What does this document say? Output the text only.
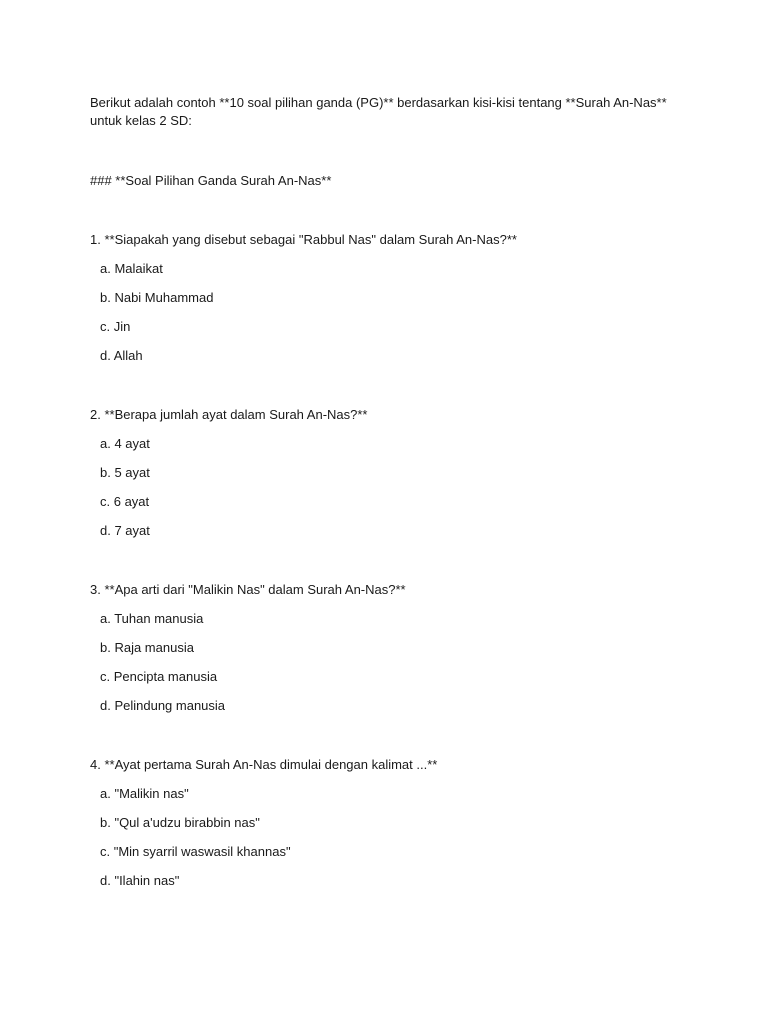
Berikut adalah contoh **10 soal pilihan ganda (PG)** berdasarkan kisi-kisi tentang **Surah An-Nas** untuk kelas 2 SD:

### **Soal Pilihan Ganda Surah An-Nas**

1. **Siapakah yang disebut sebagai "Rabbul Nas" dalam Surah An-Nas?**

a. Malaikat

b. Nabi Muhammad

c. Jin

d. Allah

2. **Berapa jumlah ayat dalam Surah An-Nas?**

a. 4 ayat

b. 5 ayat

c. 6 ayat

d. 7 ayat

3. **Apa arti dari "Malikin Nas" dalam Surah An-Nas?**

a. Tuhan manusia

b. Raja manusia

c. Pencipta manusia

d. Pelindung manusia

4. **Ayat pertama Surah An-Nas dimulai dengan kalimat ...**

a. "Malikin nas"

b. "Qul a'udzu birabbin nas"

c. "Min syarril waswasil khannas"

d. "Ilahin nas"
